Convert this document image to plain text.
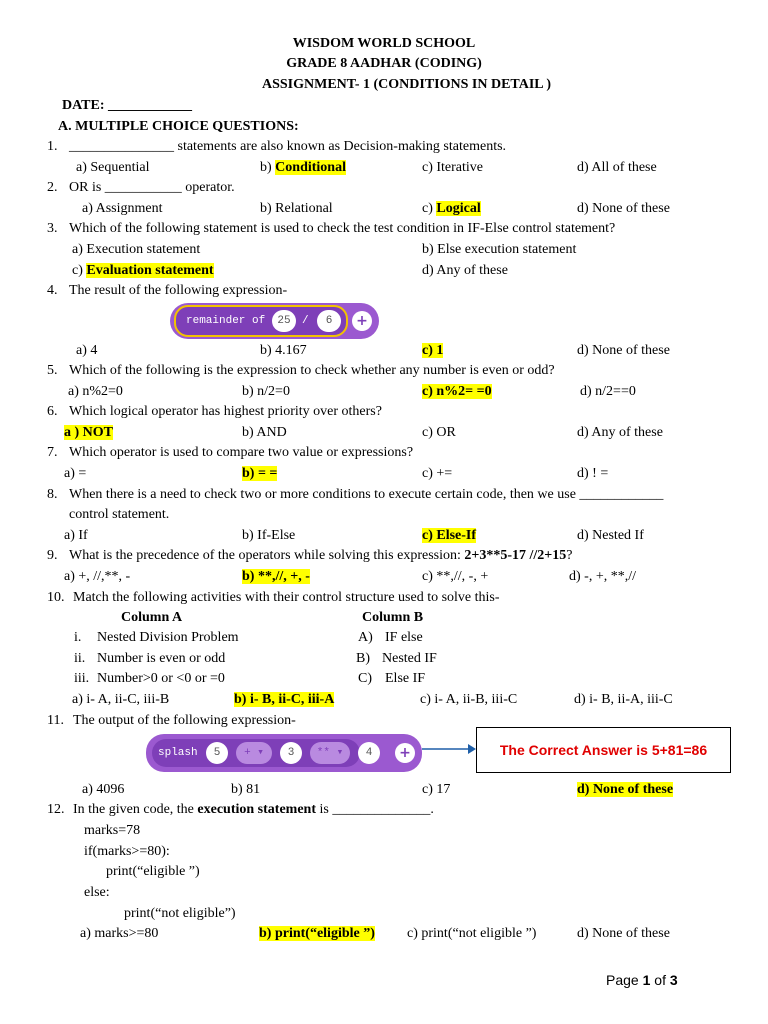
WISDOM WORLD SCHOOL
GRADE 8 AADHAR (CODING)
ASSIGNMENT- 1 (CONDITIONS IN DETAIL )
DATE: ____________
A. MULTIPLE CHOICE QUESTIONS:
1. _______________ statements are also known as Decision-making statements.
a) Sequential	b) Conditional	c) Iterative	d) All of these
2. OR is ___________ operator.
a) Assignment	b) Relational	c) Logical	d) None of these
3. Which of the following statement is used to check the test condition in IF-Else control statement?
a) Execution statement	b) Else execution statement
c) Evaluation statement	d) Any of these
4. The result of the following expression-
remainder of	25	/	6	+
a) 4	b) 4.167	c) 1	d) None of these
5. Which of the following is the expression to check whether any number is even or odd?
a) n%2=0	b) n/2=0	c) n%2= =0	d) n/2==0
6. Which logical operator has highest priority over others?
a ) NOT	b) AND	c) OR	d) Any of these
7. Which operator is used to compare two value or expressions?
a) =	b) = =	c) +=	d) ! =
8. When there is a need to check two or more conditions to execute certain code, then we use ____________
control statement.
a) If	b) If-Else	c) Else-If	d) Nested If
9. What is the precedence of the operators while solving this expression: 2+3**5-17 //2+15?
a) +, //,**, -	b) **,//, +, -	c) **,//, -, +	d) -, +, **,//
10. Match the following activities with their control structure used to solve this-
Column A	Column B
i. Nested Division Problem	A) IF else
ii. Number is even or odd	B) Nested IF
iii. Number>0 or <0 or =0	C) Else IF
a) i- A, ii-C, iii-B	b) i- B, ii-C, iii-A	c) i- A, ii-B, iii-C	d) i- B, ii-A, iii-C
11. The output of the following expression-
splash	5	+ ▾	3	** ▾	4	+	The Correct Answer is 5+81=86
a) 4096	b) 81	c) 17	d) None of these
12. In the given code, the execution statement is ______________.
marks=78
if(marks>=80):
print(“eligible ”)
else:
print(“not eligible”)
a) marks>=80	b) print(“eligible ”) c) print(“not eligible ”)	d) None of these
Page 1 of 3
